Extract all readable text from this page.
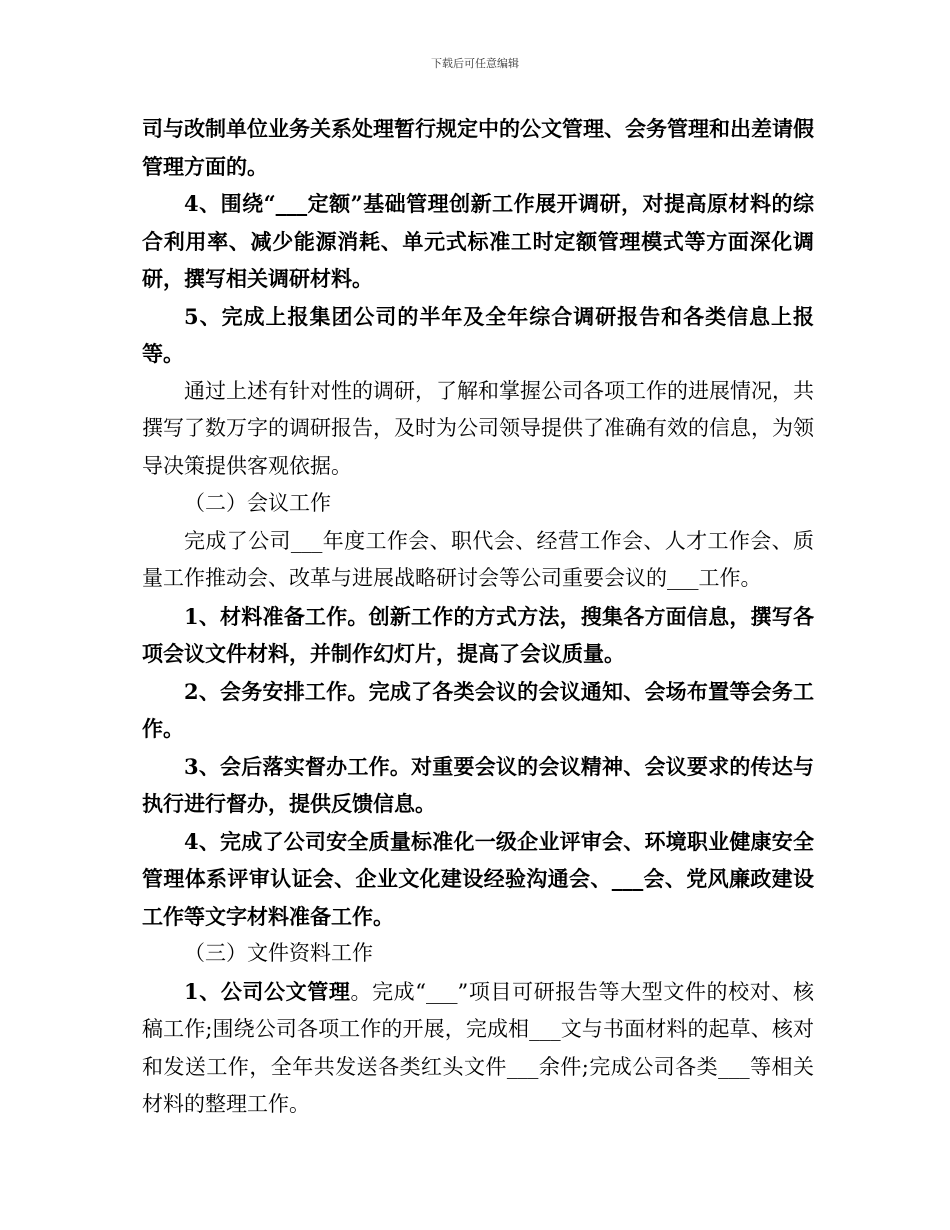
下载后可任意编辑

司与改制单位业务关系处理暂行规定中的公文管理、会务管理和出差请假管理方面的。

4、围绕“___定额”基础管理创新工作展开调研，对提高原材料的综合利用率、减少能源消耗、单元式标准工时定额管理模式等方面深化调研，撰写相关调研材料。

5、完成上报集团公司的半年及全年综合调研报告和各类信息上报等。

通过上述有针对性的调研，了解和掌握公司各项工作的进展情况，共撰写了数万字的调研报告，及时为公司领导提供了准确有效的信息，为领导决策提供客观依据。

（二）会议工作

完成了公司___年度工作会、职代会、经营工作会、人才工作会、质量工作推动会、改革与进展战略研讨会等公司重要会议的___工作。

1、材料准备工作。创新工作的方式方法，搜集各方面信息，撰写各项会议文件材料，并制作幻灯片，提高了会议质量。

2、会务安排工作。完成了各类会议的会议通知、会场布置等会务工作。

3、会后落实督办工作。对重要会议的会议精神、会议要求的传达与执行进行督办，提供反馈信息。

4、完成了公司安全质量标准化一级企业评审会、环境职业健康安全管理体系评审认证会、企业文化建设经验沟通会、___会、党风廉政建设工作等文字材料准备工作。

（三）文件资料工作

1、公司公文管理。完成“___”项目可研报告等大型文件的校对、核稿工作;围绕公司各项工作的开展，完成相___文与书面材料的起草、核对和发送工作，全年共发送各类红头文件___余件;完成公司各类___等相关材料的整理工作。
